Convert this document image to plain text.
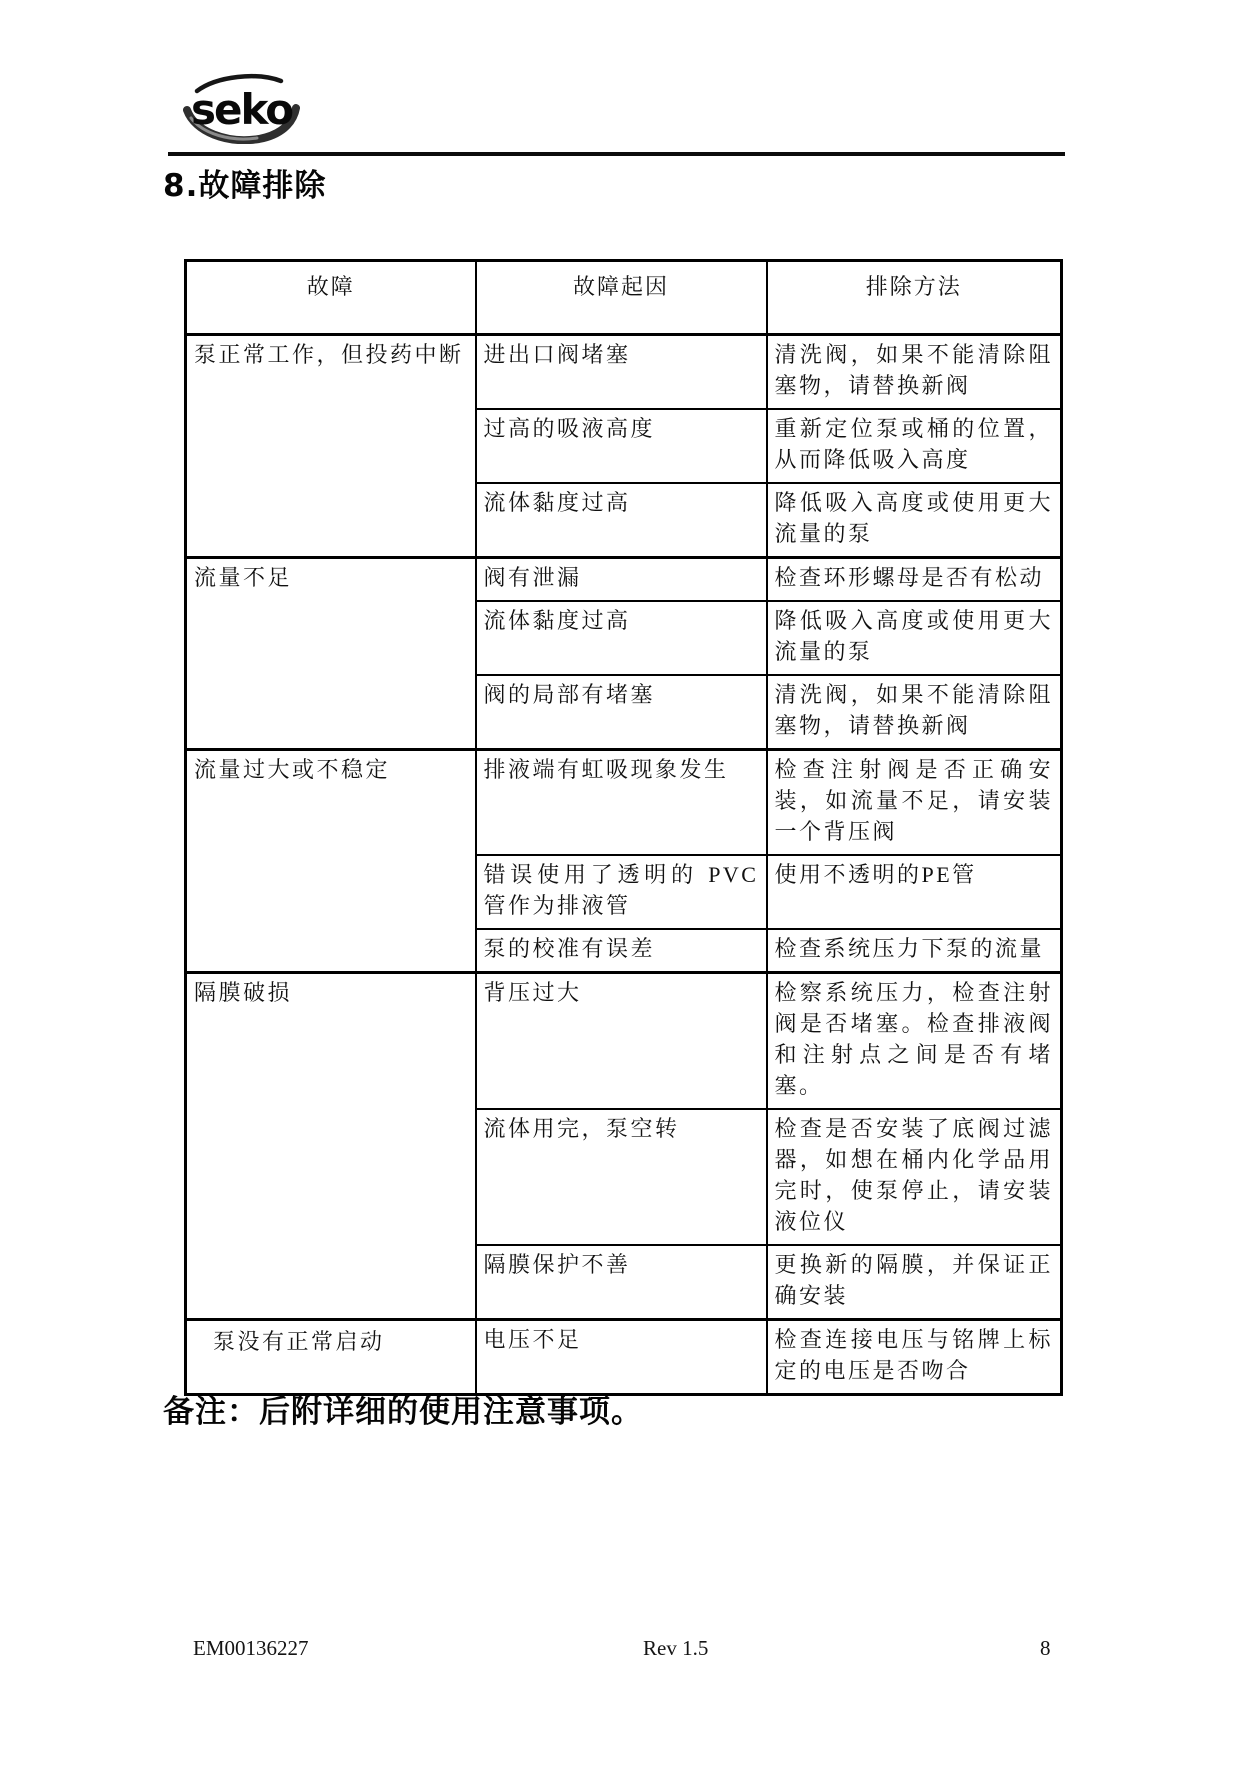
seko
8.故障排除
故障	故障起因	排除方法
泵正常工作，但投药中断	进出口阀堵塞	清洗阀，如果不能清除阻塞物，请替换新阀
	过高的吸液高度	重新定位泵或桶的位置，从而降低吸入高度
	流体黏度过高	降低吸入高度或使用更大流量的泵
流量不足	阀有泄漏	检查环形螺母是否有松动
	流体黏度过高	降低吸入高度或使用更大流量的泵
	阀的局部有堵塞	清洗阀，如果不能清除阻塞物，请替换新阀
流量过大或不稳定	排液端有虹吸现象发生	检查注射阀是否正确安装，如流量不足，请安装一个背压阀
	错误使用了透明的 PVC 管作为排液管	使用不透明的PE管
	泵的校准有误差	检查系统压力下泵的流量
隔膜破损	背压过大	检察系统压力，检查注射阀是否堵塞。检查排液阀和注射点之间是否有堵塞。
	流体用完，泵空转	检查是否安装了底阀过滤器，如想在桶内化学品用完时，使泵停止，请安装液位仪
	隔膜保护不善	更换新的隔膜，并保证正确安装
泵没有正常启动	电压不足	检查连接电压与铭牌上标定的电压是否吻合
备注：后附详细的使用注意事项。
EM00136227	Rev 1.5	8
